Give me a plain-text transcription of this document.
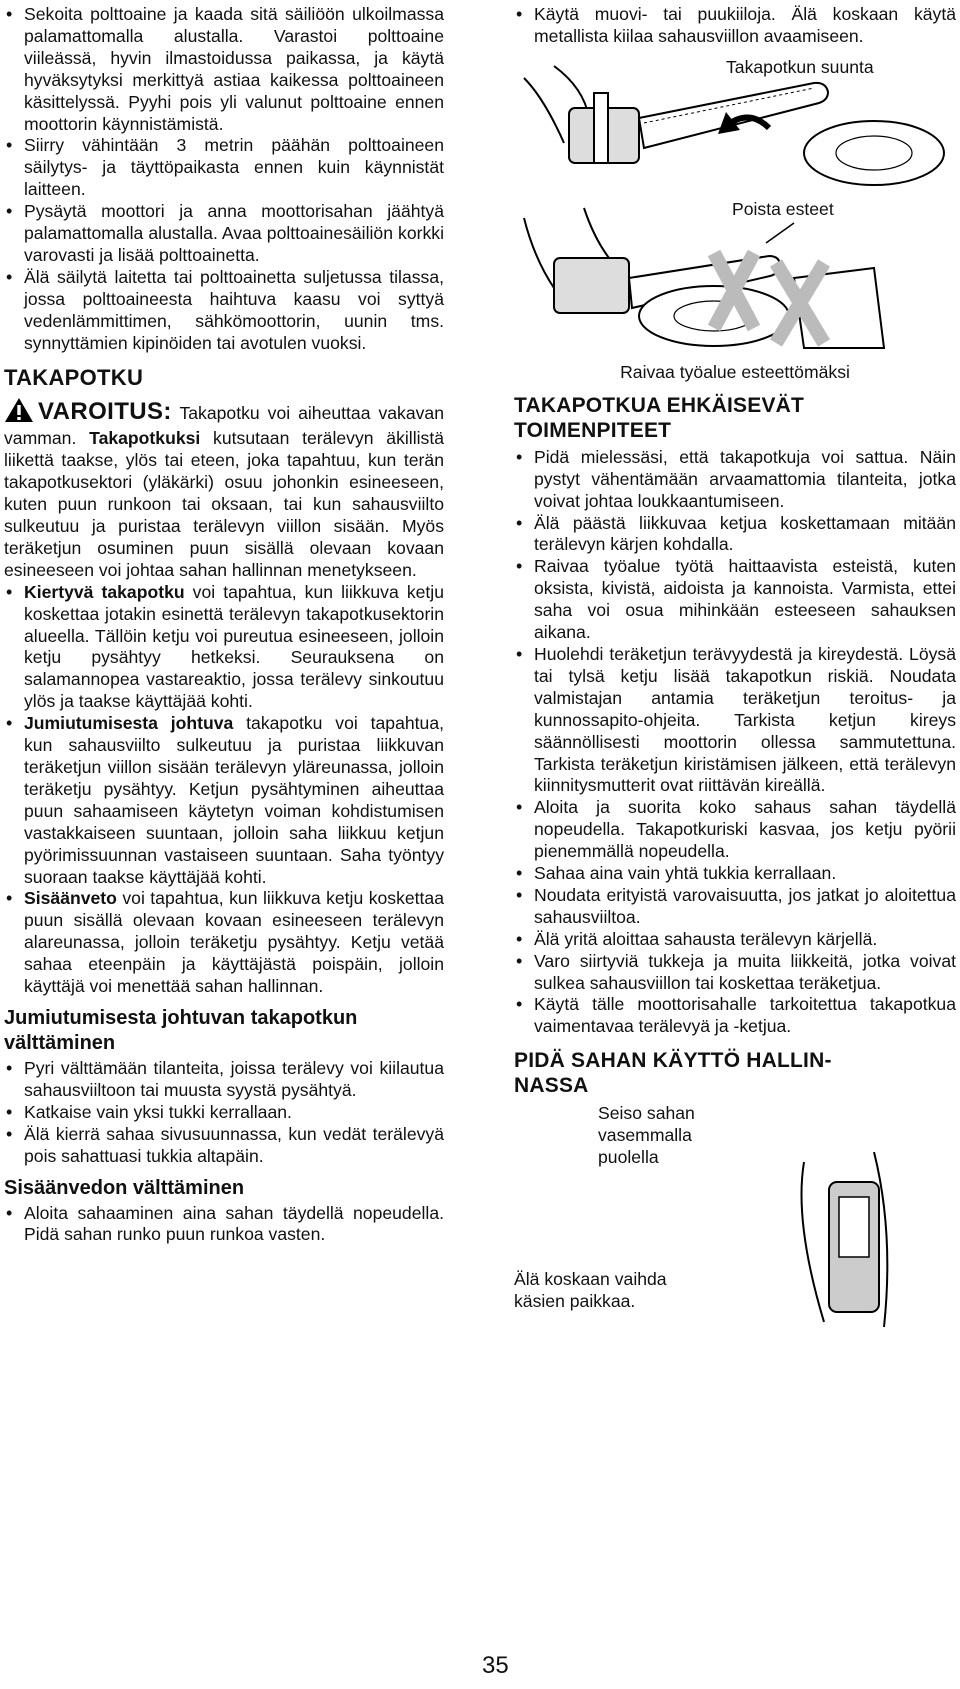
• Sekoita polttoaine ja kaada sitä säiliöön ulkoilmassa palamattomalla alustalla. Varastoi polttoaine viileässä, hyvin ilmastoidussa paikassa, ja käytä hyväksytyksi merkittyä astiaa kaikessa polttoaineen käsittelyssä. Pyyhi pois yli valunut polttoaine ennen moottorin käynnistämistä.
• Siirry vähintään 3 metrin päähän polttoaineen säilytys- ja täyttöpaikasta ennen kuin käynnistät laitteen.
• Pysäytä moottori ja anna moottorisahan jäähtyä palamattomalla alustalla. Avaa polttoainesäiliön korkki varovasti ja lisää polttoainetta.
• Älä säilytä laitetta tai polttoainetta suljetussa tilassa, jossa polttoaineesta haihtuva kaasu voi syttyä vedenlämmittimen, sähkömoottorin, uunin tms. synnyttämien kipinöiden tai avotulen vuoksi.
TAKAPOTKU

VAROITUS: Takapotku voi aiheuttaa vakavan vamman. Takapotkuksi kutsutaan terälevyn äkillistä liikettä taakse, ylös tai eteen, joka tapahtuu, kun terän takapotkusektori (yläkärki) osuu johonkin esineeseen, kuten puun runkoon tai oksaan, tai kun sahausviilto sulkeutuu ja puristaa terälevyn viillon sisään. Myös teräketjun osuminen puun sisällä olevaan kovaan esineeseen voi johtaa sahan hallinnan menetykseen.

• Kiertyvä takapotku voi tapahtua, kun liikkuva ketju koskettaa jotakin esinettä terälevyn takapotkusektorin alueella. Tällöin ketju voi pureutua esineeseen, jolloin ketju pysähtyy hetkeksi. Seurauksena on salamannopea vastareaktio, jossa terälevy sinkoutuu ylös ja taakse käyttäjää kohti.
• Jumiutumisesta johtuva takapotku voi tapahtua, kun sahausviilto sulkeutuu ja puristaa liikkuvan teräketjun viillon sisään terälevyn yläreunassa, jolloin teräketju pysähtyy. Ketjun pysähtyminen aiheuttaa puun sahaamiseen käytetyn voiman kohdistumisen vastakkaiseen suuntaan, jolloin saha liikkuu ketjun pyörimissuunnan vastaiseen suuntaan. Saha työntyy suoraan taakse käyttäjää kohti.
• Sisäänveto voi tapahtua, kun liikkuva ketju koskettaa puun sisällä olevaan kovaan esineeseen terälevyn alareunassa, jolloin teräketju pysähtyy. Ketju vetää sahaa eteenpäin ja käyttäjästä poispäin, jolloin käyttäjä voi menettää sahan hallinnan.
Jumiutumisesta johtuvan takapotkun välttäminen
• Pyri välttämään tilanteita, joissa terälevy voi kiilautua sahausviiltoon tai muusta syystä pysähtyä.
• Katkaise vain yksi tukki kerrallaan.
• Älä kierrä sahaa sivusuunnassa, kun vedät terälevyä pois sahattuasi tukkia altapäin.
Sisäänvedon välttäminen
• Aloita sahaaminen aina sahan täydellä nopeudella. Pidä sahan runko puun runkoa vasten.
• Käytä muovi- tai puukiiloja. Älä koskaan käytä metallista kiilaa sahausviillon avaamiseen.
Takapotkun suunta
Poista esteet
Raivaa työalue esteettömäksi
TAKAPOTKUA EHKÄISEVÄT TOIMENPITEET
• Pidä mielessäsi, että takapotkuja voi sattua. Näin pystyt vähentämään arvaamattomia tilanteita, jotka voivat johtaa loukkaantumiseen.
• Älä päästä liikkuvaa ketjua koskettamaan mitään terälevyn kärjen kohdalla.
• Raivaa työalue työtä haittaavista esteistä, kuten oksista, kivistä, aidoista ja kannoista. Varmista, ettei saha voi osua mihinkään esteeseen sahauksen aikana.
• Huolehdi teräketjun terävyydestä ja kireydestä. Löysä tai tylsä ketju lisää takapotkun riskiä. Noudata valmistajan antamia teräketjun teroitus- ja kunnossapito-ohjeita. Tarkista ketjun kireys säännöllisesti moottorin ollessa sammutettuna. Tarkista teräketjun kiristämisen jälkeen, että terälevyn kiinnitysmutterit ovat riittävän kireällä.
• Aloita ja suorita koko sahaus sahan täydellä nopeudella. Takapotkuriski kasvaa, jos ketju pyörii pienemmällä nopeudella.
• Sahaa aina vain yhtä tukkia kerrallaan.
• Noudata erityistä varovaisuutta, jos jatkat jo aloitettua sahausviiltoa.
• Älä yritä aloittaa sahausta terälevyn kärjellä.
• Varo siirtyviä tukkeja ja muita liikkeitä, jotka voivat sulkea sahausviillon tai koskettaa teräketjua.
• Käytä tälle moottorisahalle tarkoitettua takapotkua vaimentavaa terälevyä ja -ketjua.
PIDÄ SAHAN KÄYTTÖ HALLIN-NASSA
Seiso sahan vasemmalla puolella
Älä koskaan vaihda käsien paikkaa.
35
